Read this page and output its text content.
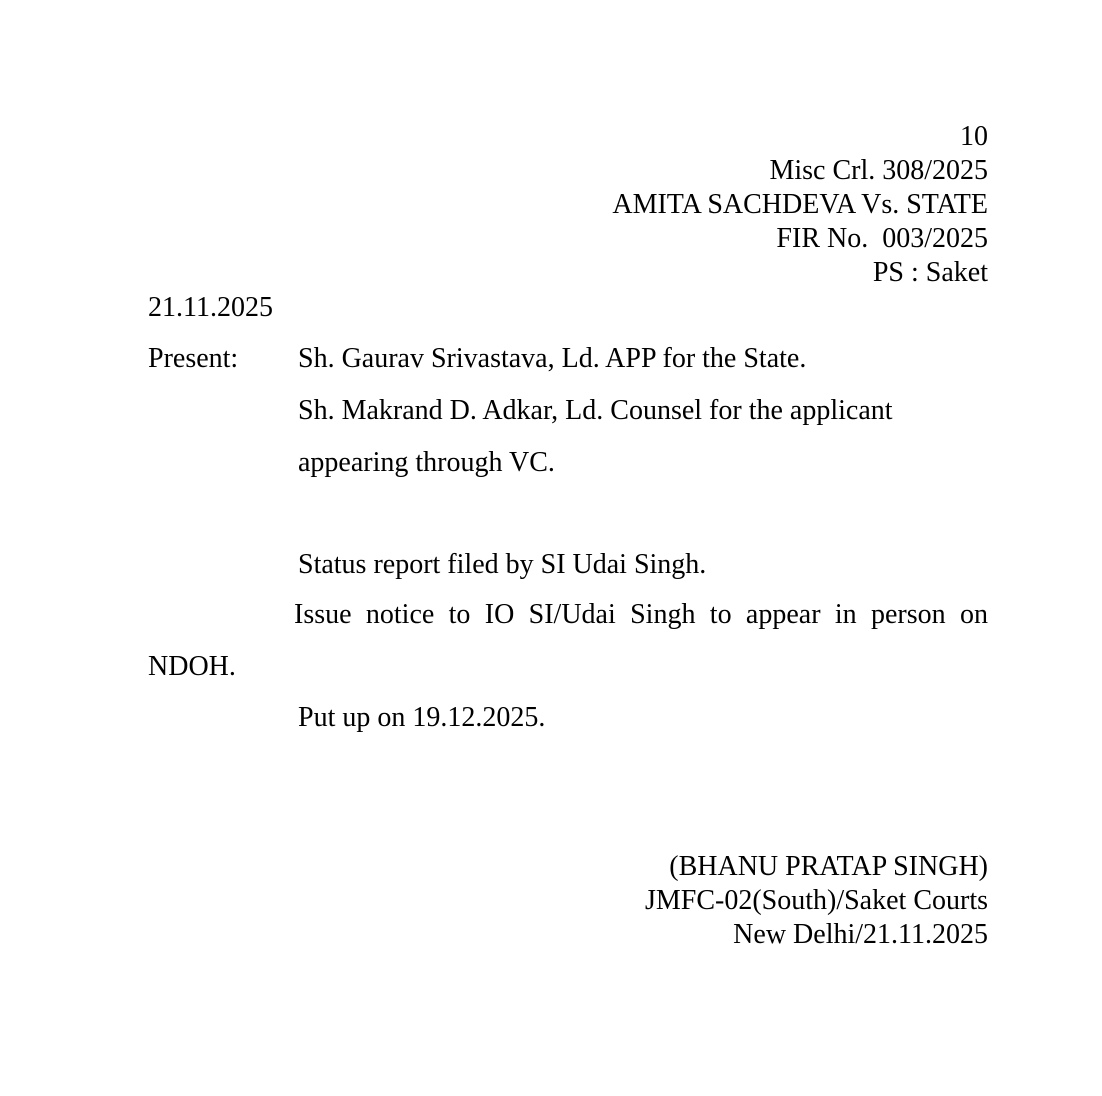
10
Misc Crl. 308/2025
AMITA SACHDEVA Vs. STATE
FIR No.  003/2025
PS : Saket
21.11.2025
Present: Sh. Gaurav Srivastava, Ld. APP for the State.
Sh. Makrand D. Adkar, Ld. Counsel for the applicant
appearing through VC.
Status report filed by SI Udai Singh.
Issue notice to IO SI/Udai Singh to appear in person on
NDOH.
Put up on 19.12.2025.
(BHANU PRATAP SINGH)
JMFC-02(South)/Saket Courts
New Delhi/21.11.2025
